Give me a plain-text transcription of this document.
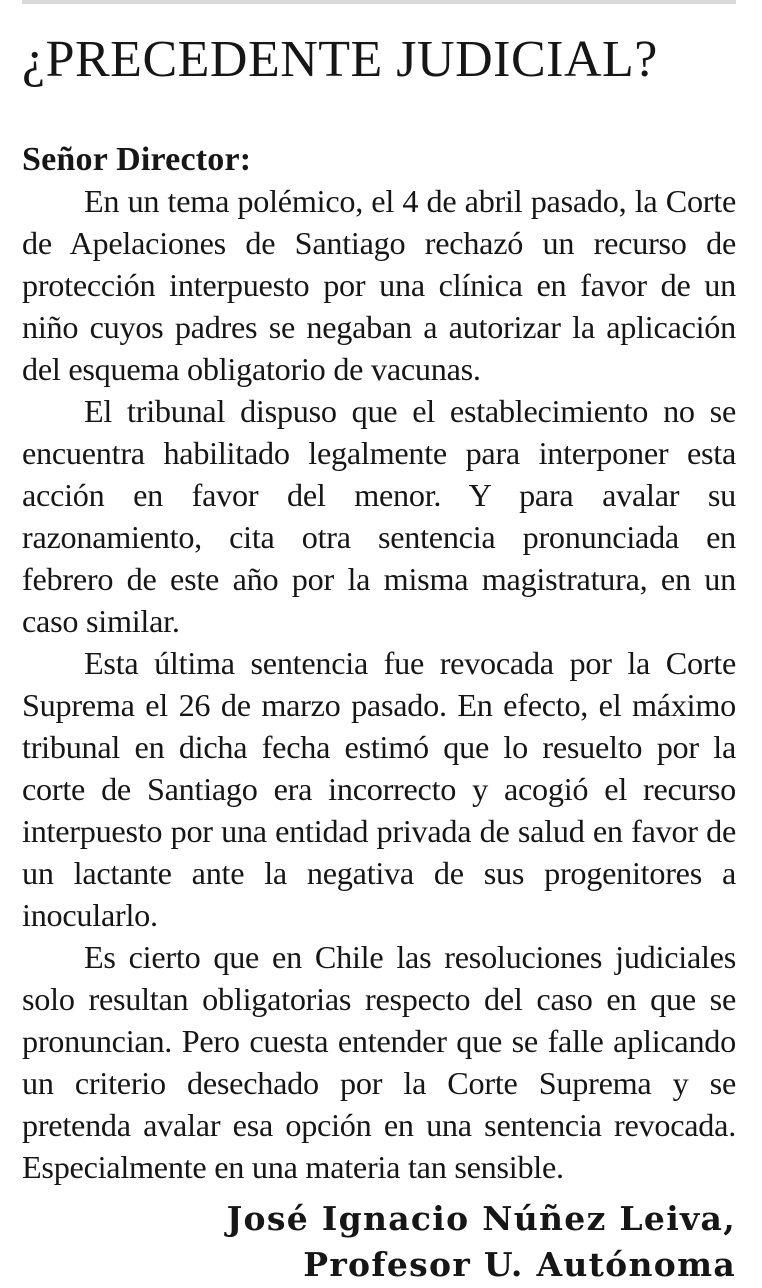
¿PRECEDENTE JUDICIAL?
Señor Director:

En un tema polémico, el 4 de abril pasado, la Corte de Apelaciones de Santiago rechazó un recurso de protección interpuesto por una clínica en favor de un niño cuyos padres se negaban a autorizar la aplicación del esquema obligatorio de vacunas.

El tribunal dispuso que el establecimiento no se encuentra habilitado legalmente para interponer esta acción en favor del menor. Y para avalar su razonamiento, cita otra sentencia pronunciada en febrero de este año por la misma magistratura, en un caso similar.

Esta última sentencia fue revocada por la Corte Suprema el 26 de marzo pasado. En efecto, el máximo tribunal en dicha fecha estimó que lo resuelto por la corte de Santiago era incorrecto y acogió el recurso interpuesto por una entidad privada de salud en favor de un lactante ante la negativa de sus progenitores a inocularlo.

Es cierto que en Chile las resoluciones judiciales solo resultan obligatorias respecto del caso en que se pronuncian. Pero cuesta entender que se falle aplicando un criterio desechado por la Corte Suprema y se pretenda avalar esa opción en una sentencia revocada. Especialmente en una materia tan sensible.

José Ignacio Núñez Leiva,
Profesor U. Autónoma
